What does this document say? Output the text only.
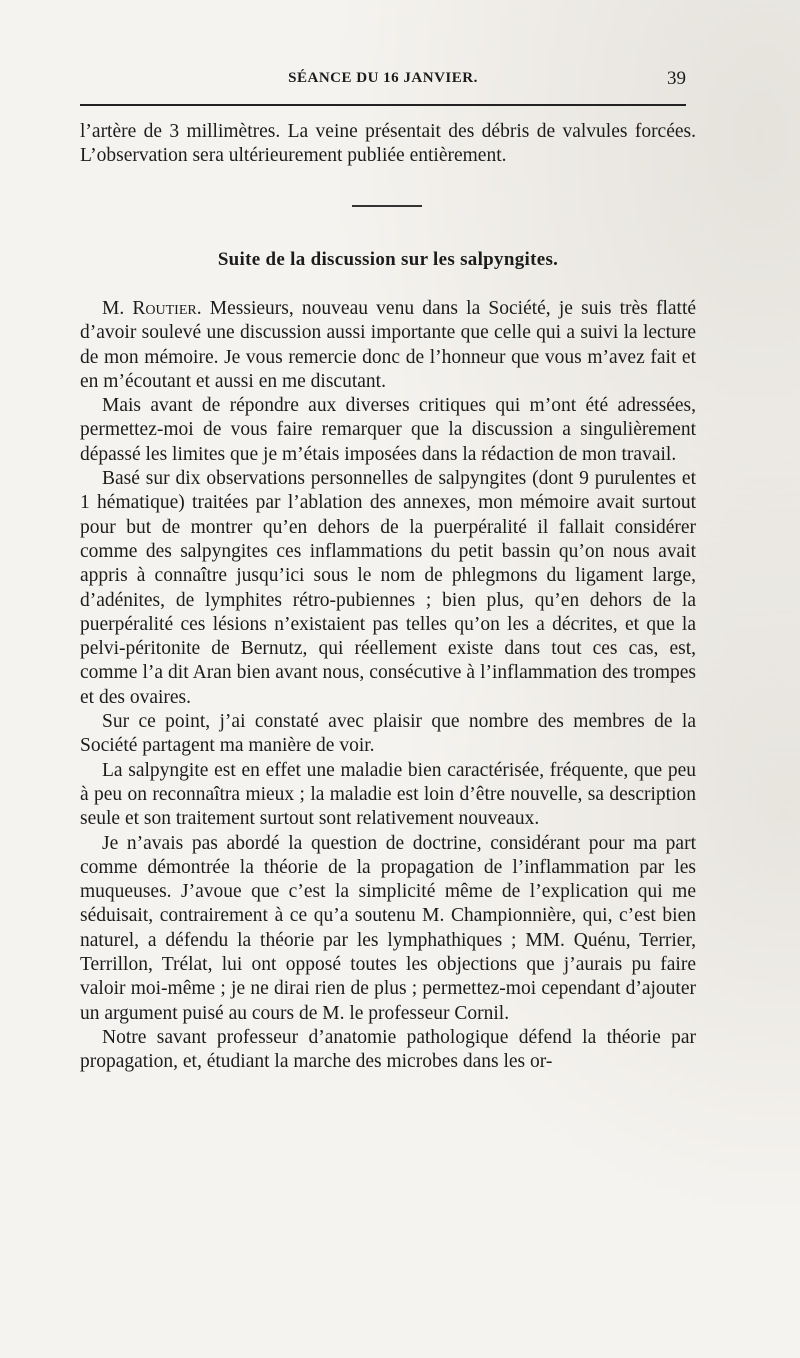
SÉANCE DU 16 JANVIER.	39

l’artère de 3 millimètres. La veine présentait des débris de valvules forcées. L’observation sera ultérieurement publiée entièrement.

Suite de la discussion sur les salpyngites.

M. Routier. Messieurs, nouveau venu dans la Société, je suis très flatté d’avoir soulevé une discussion aussi importante que celle qui a suivi la lecture de mon mémoire. Je vous remercie donc de l’honneur que vous m’avez fait et en m’écoutant et aussi en me discutant.

Mais avant de répondre aux diverses critiques qui m’ont été adressées, permettez-moi de vous faire remarquer que la discussion a singulièrement dépassé les limites que je m’étais imposées dans la rédaction de mon travail.

Basé sur dix observations personnelles de salpyngites (dont 9 purulentes et 1 hématique) traitées par l’ablation des annexes, mon mémoire avait surtout pour but de montrer qu’en dehors de la puerpéralité il fallait considérer comme des salpyngites ces inflammations du petit bassin qu’on nous avait appris à connaître jusqu’ici sous le nom de phlegmons du ligament large, d’adénites, de lymphites rétro-pubiennes ; bien plus, qu’en dehors de la puerpéralité ces lésions n’existaient pas telles qu’on les a décrites, et que la pelvi-péritonite de Bernutz, qui réellement existe dans tout ces cas, est, comme l’a dit Aran bien avant nous, consécutive à l’inflammation des trompes et des ovaires.

Sur ce point, j’ai constaté avec plaisir que nombre des membres de la Société partagent ma manière de voir.

La salpyngite est en effet une maladie bien caractérisée, fréquente, que peu à peu on reconnaîtra mieux ; la maladie est loin d’être nouvelle, sa description seule et son traitement surtout sont relativement nouveaux.

Je n’avais pas abordé la question de doctrine, considérant pour ma part comme démontrée la théorie de la propagation de l’inflammation par les muqueuses. J’avoue que c’est la simplicité même de l’explication qui me séduisait, contrairement à ce qu’a soutenu M. Championnière, qui, c’est bien naturel, a défendu la théorie par les lymphathiques ; MM. Quénu, Terrier, Terrillon, Trélat, lui ont opposé toutes les objections que j’aurais pu faire valoir moi-même ; je ne dirai rien de plus ; permettez-moi cependant d’ajouter un argument puisé au cours de M. le professeur Cornil.

Notre savant professeur d’anatomie pathologique défend la théorie par propagation, et, étudiant la marche des microbes dans les or-
